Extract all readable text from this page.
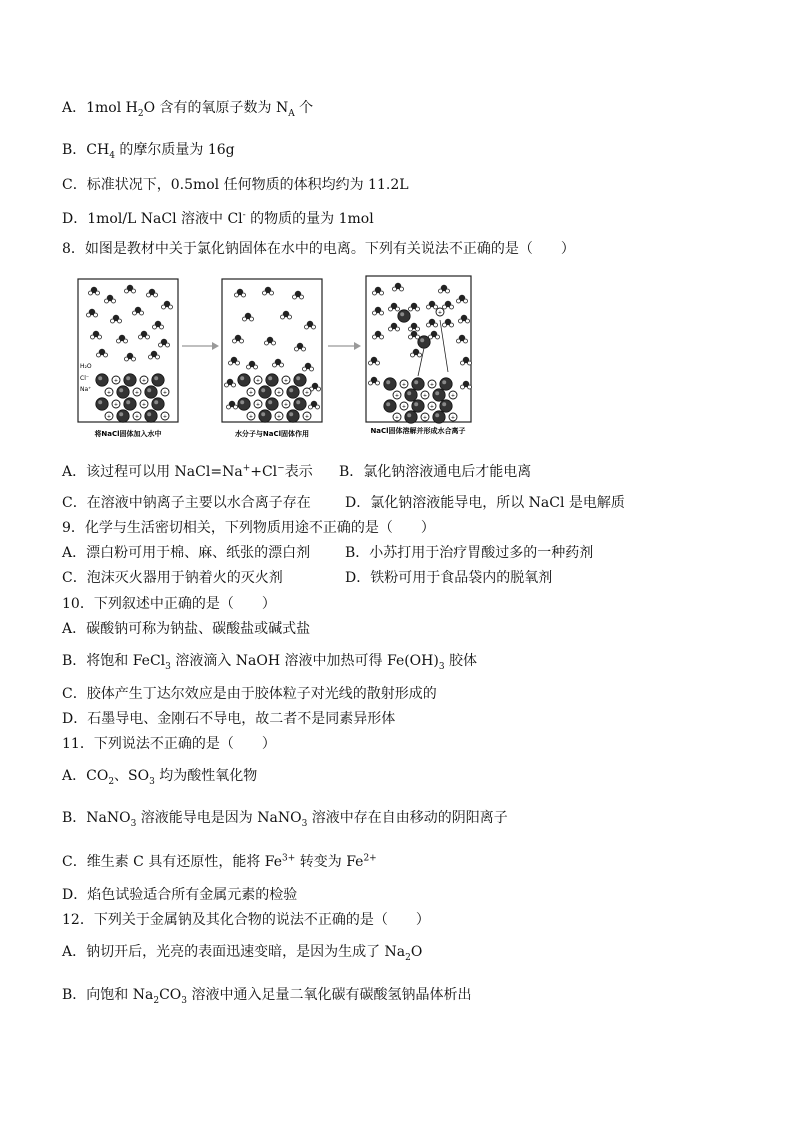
A．1mol $H_2O$ 含有的氧原子数为 $N_A$ 个
B．$CH_4$ 的摩尔质量为 16g
C．标准状况下，0.5mol 任何物质的体积均约为 11.2L
D．1mol/L NaCl 溶液中 Cl- 的物质的量为 1mol
8．如图是教材中关于氯化钠固体在水中的电离。下列有关说法不正确的是（　　）
+
H₂O
Cl⁻
Na⁺
将NaCl固体加入水中	水分子与NaCl固体作用	NaCl固体溶解并形成水合离子
A．该过程可以用 NaCl=Na++Cl−表示 B．氯化钠溶液通电后才能电离
C．在溶液中钠离子主要以水合离子存在 D．氯化钠溶液能导电，所以 NaCl 是电解质
9．化学与生活密切相关，下列物质用途不正确的是（　　）
A．漂白粉可用于棉、麻、纸张的漂白剂 B．小苏打用于治疗胃酸过多的一种药剂
C．泡沫灭火器用于钠着火的灭火剂	D．铁粉可用于食品袋内的脱氧剂
10．下列叙述中正确的是（　　）
A．碳酸钠可称为钠盐、碳酸盐或碱式盐
B．将饱和 FeCl$_3$ 溶液滴入 NaOH 溶液中加热可得 $Fe(OH)_3$ 胶体
C．胶体产生丁达尔效应是由于胶体粒子对光线的散射形成的
D．石墨导电、金刚石不导电，故二者不是同素异形体
11．下列说法不正确的是（　　）
A．$CO_2$、$SO_3$ 均为酸性氧化物
B．NaNO$_3$ 溶液能导电是因为 NaNO$_3$ 溶液中存在自由移动的阴阳离子
C．维生素 C 具有还原性，能将 $Fe^{3+}$ 转变为 $Fe^{2+}$
D．焰色试验适合所有金属元素的检验
12．下列关于金属钠及其化合物的说法不正确的是（　　）
A．钠切开后，光亮的表面迅速变暗，是因为生成了 $Na_2O$
B．向饱和 $Na_2CO_3$ 溶液中通入足量二氧化碳有碳酸氢钠晶体析出
